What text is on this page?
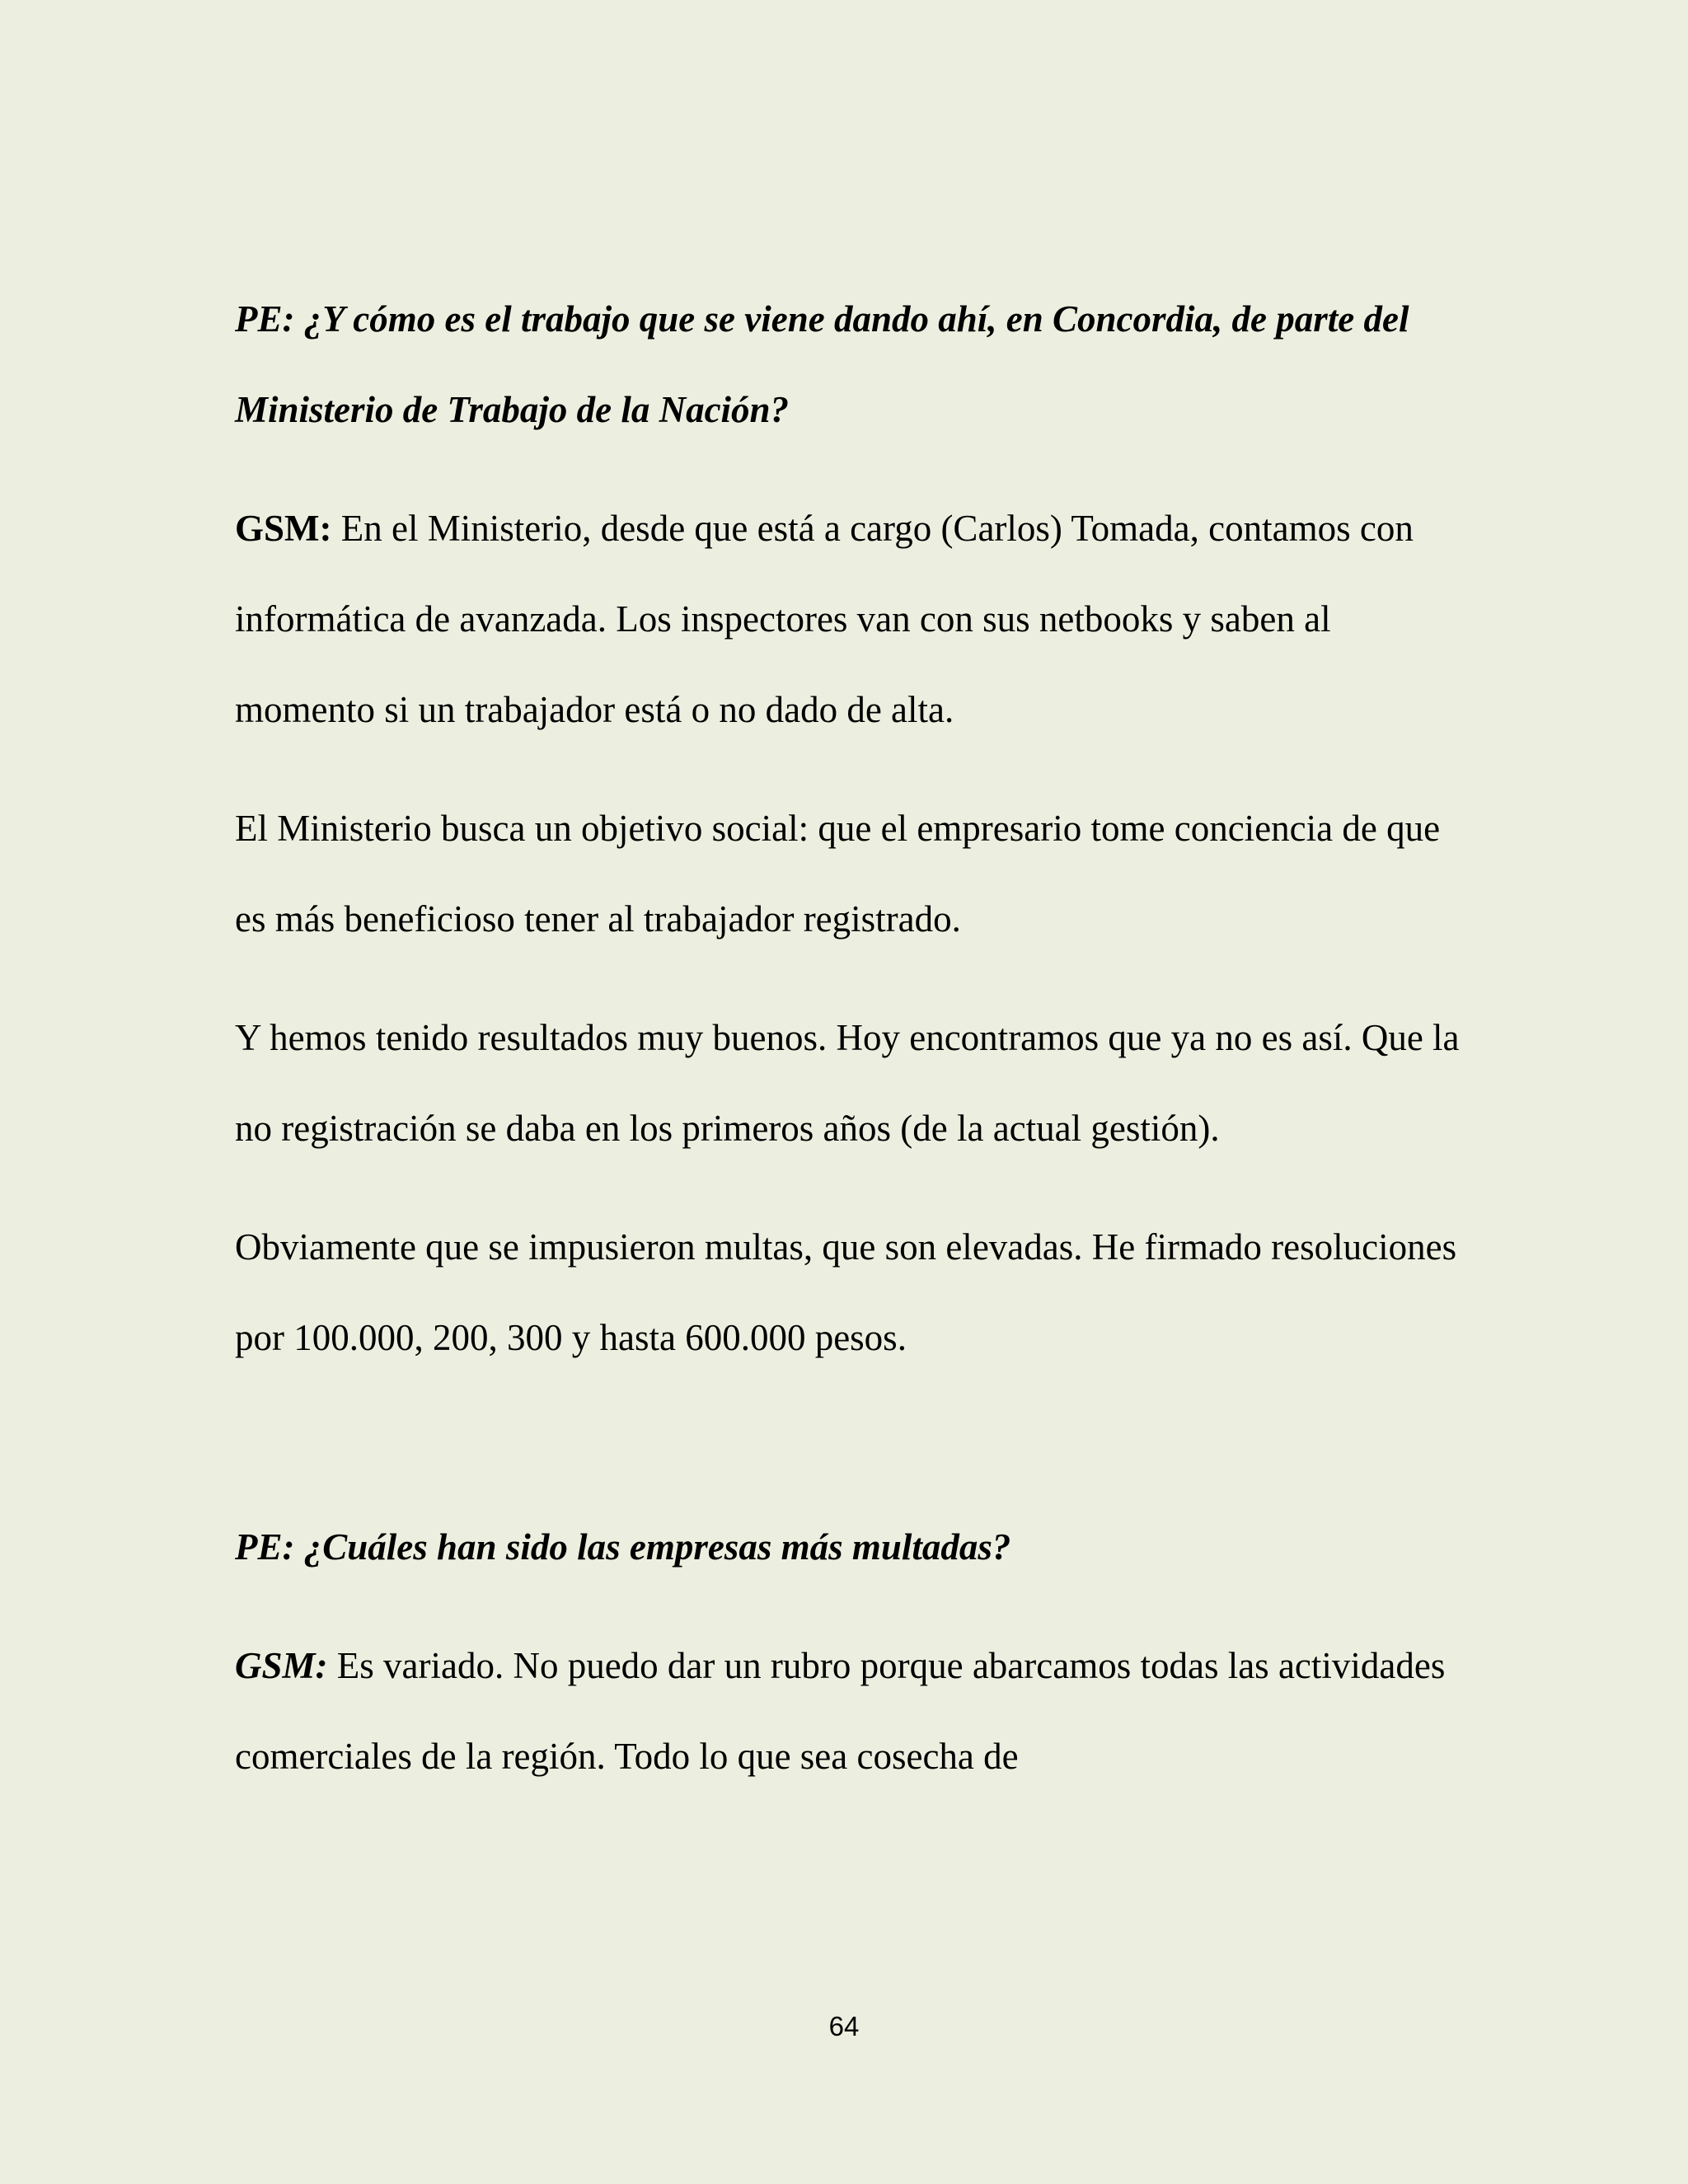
PE: ¿Y cómo es el trabajo que se viene dando ahí, en Concordia, de parte del Ministerio de Trabajo de la Nación?

GSM: En el Ministerio, desde que está a cargo (Carlos) Tomada, contamos con informática de avanzada. Los inspectores van con sus netbooks y saben al momento si un trabajador está o no dado de alta.

El Ministerio busca un objetivo social: que el empresario tome conciencia de que es más beneficioso tener al trabajador registrado.

Y hemos tenido resultados muy buenos. Hoy encontramos que ya no es así. Que la no registración se daba en los primeros años (de la actual gestión).

Obviamente que se impusieron multas, que son elevadas. He firmado resoluciones por 100.000, 200, 300 y hasta 600.000 pesos.

PE: ¿Cuáles han sido las empresas más multadas?

GSM: Es variado. No puedo dar un rubro porque abarcamos todas las actividades comerciales de la región. Todo lo que sea cosecha de

64
